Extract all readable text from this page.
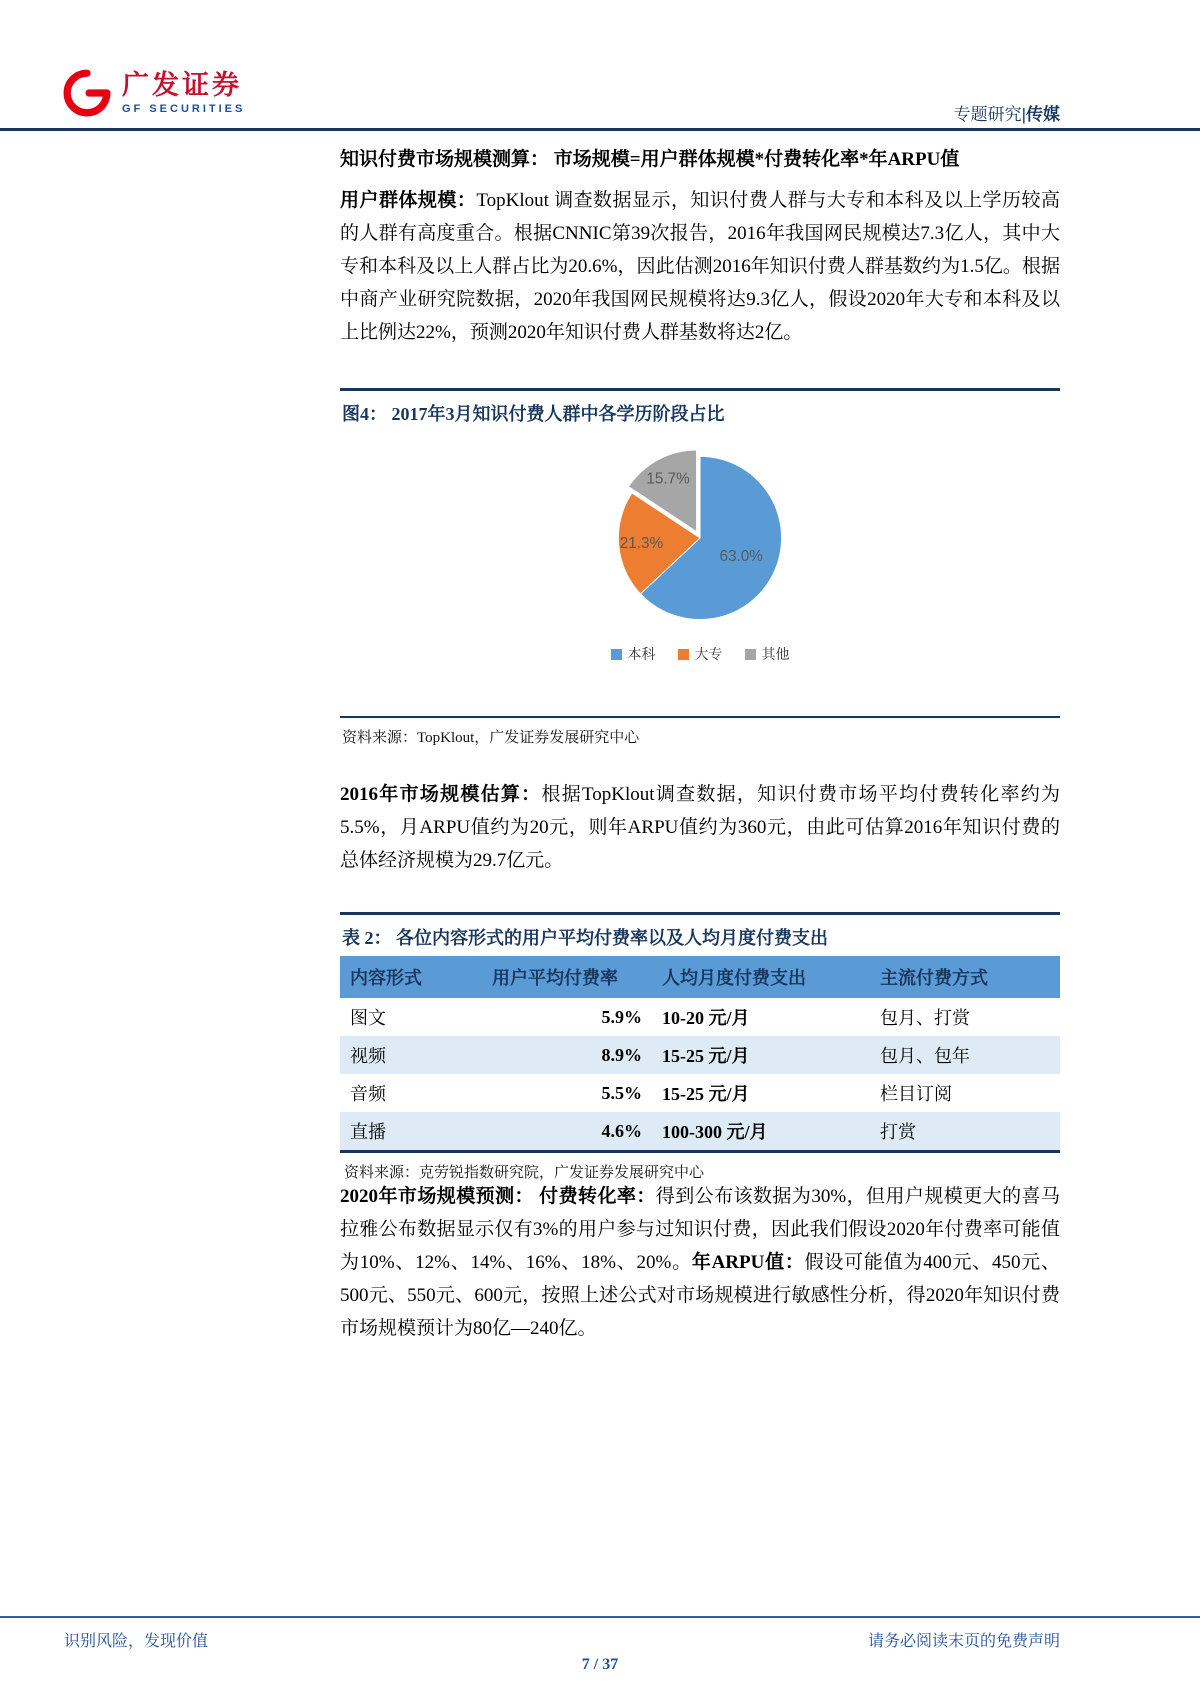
广发证券
GF SECURITIES	专题研究|传媒
知识付费市场规模测算： 市场规模=用户群体规模*付费转化率*年ARPU值

用户群体规模：TopKlout 调查数据显示，知识付费人群与大专和本科及以上学历较高的人群有高度重合。根据CNNIC第39次报告，2016年我国网民规模达7.3亿人，其中大专和本科及以上人群占比为20.6%，因此估测2016年知识付费人群基数约为1.5亿。根据中商产业研究院数据，2020年我国网民规模将达9.3亿人，假设2020年大专和本科及以上比例达22%，预测2020年知识付费人群基数将达2亿。

图4： 2017年3月知识付费人群中各学历阶段占比
63.0%
21.3%
15.7%
本科	大专	其他
资料来源：TopKlout，广发证券发展研究中心

2016年市场规模估算：根据TopKlout调查数据，知识付费市场平均付费转化率约为5.5%，月ARPU值约为20元，则年ARPU值约为360元，由此可估算2016年知识付费的总体经济规模为29.7亿元。

表 2： 各位内容形式的用户平均付费率以及人均月度付费支出
内容形式	用户平均付费率	人均月度付费支出	主流付费方式
图文	5.9%	10-20 元/月	包月、打赏
视频	8.9%	15-25 元/月	包月、包年
音频	5.5%	15-25 元/月	栏目订阅
直播	4.6%	100-300 元/月	打赏
资料来源：克劳锐指数研究院，广发证券发展研究中心

2020年市场规模预测： 付费转化率：得到公布该数据为30%，但用户规模更大的喜马拉雅公布数据显示仅有3%的用户参与过知识付费，因此我们假设2020年付费率可能值为10%、12%、14%、16%、18%、20%。年ARPU值：假设可能值为400元、450元、500元、550元、600元，按照上述公式对市场规模进行敏感性分析，得2020年知识付费市场规模预计为80亿—240亿。

识别风险，发现价值	请务必阅读末页的免费声明
7 / 37
